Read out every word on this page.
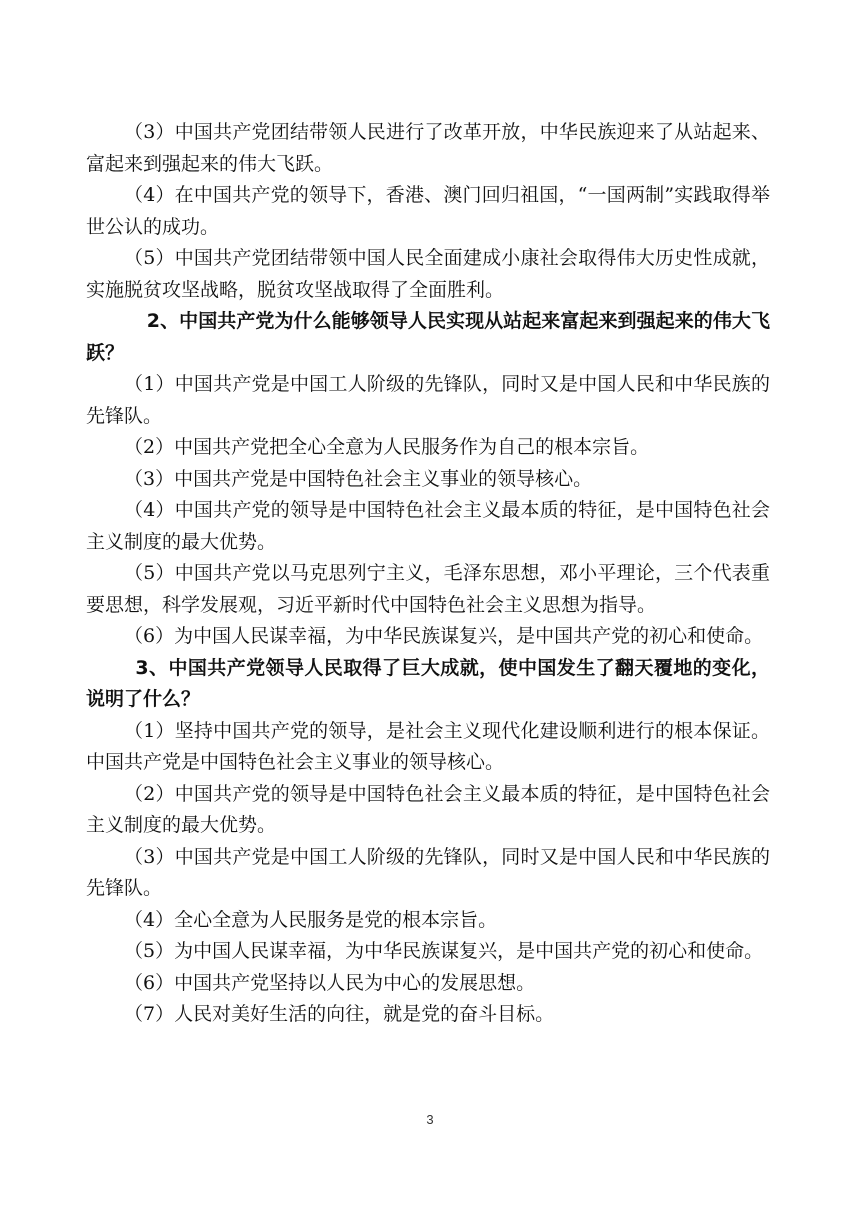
（3）中国共产党团结带领人民进行了改革开放，中华民族迎来了从站起来、富起来到强起来的伟大飞跃。

（4）在中国共产党的领导下，香港、澳门回归祖国，“一国两制”实践取得举世公认的成功。

（5）中国共产党团结带领中国人民全面建成小康社会取得伟大历史性成就，实施脱贫攻坚战略，脱贫攻坚战取得了全面胜利。

2、中国共产党为什么能够领导人民实现从站起来富起来到强起来的伟大飞跃？

（1）中国共产党是中国工人阶级的先锋队，同时又是中国人民和中华民族的先锋队。

（2）中国共产党把全心全意为人民服务作为自己的根本宗旨。

（3）中国共产党是中国特色社会主义事业的领导核心。

（4）中国共产党的领导是中国特色社会主义最本质的特征，是中国特色社会主义制度的最大优势。

（5）中国共产党以马克思列宁主义，毛泽东思想，邓小平理论，三个代表重要思想，科学发展观，习近平新时代中国特色社会主义思想为指导。

（6）为中国人民谋幸福，为中华民族谋复兴，是中国共产党的初心和使命。

3、中国共产党领导人民取得了巨大成就，使中国发生了翻天覆地的变化，说明了什么？

（1）坚持中国共产党的领导，是社会主义现代化建设顺利进行的根本保证。中国共产党是中国特色社会主义事业的领导核心。

（2）中国共产党的领导是中国特色社会主义最本质的特征，是中国特色社会主义制度的最大优势。

（3）中国共产党是中国工人阶级的先锋队，同时又是中国人民和中华民族的先锋队。

（4）全心全意为人民服务是党的根本宗旨。

（5）为中国人民谋幸福，为中华民族谋复兴，是中国共产党的初心和使命。

（6）中国共产党坚持以人民为中心的发展思想。

（7）人民对美好生活的向往，就是党的奋斗目标。

3
